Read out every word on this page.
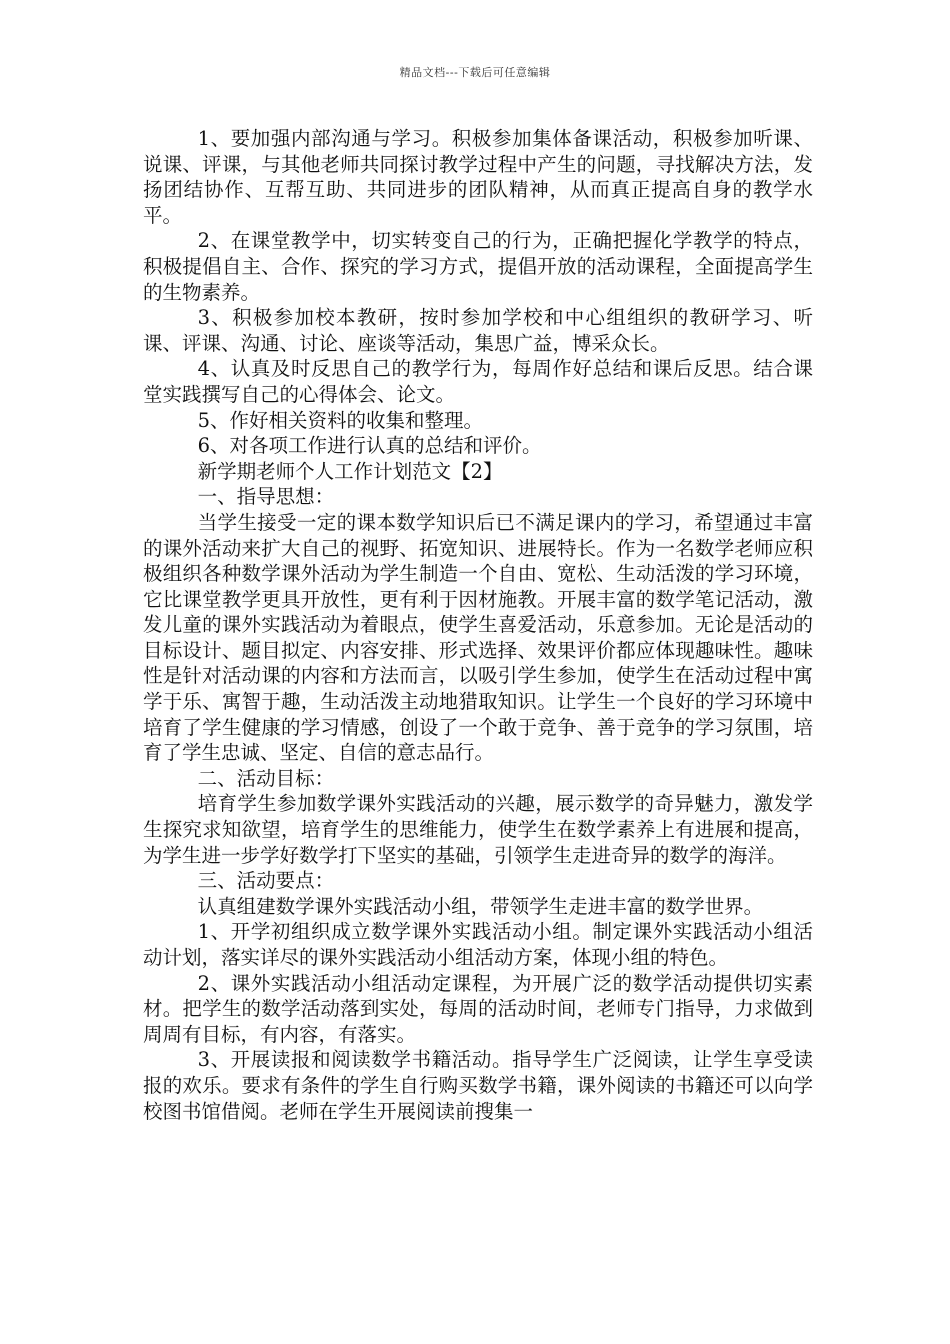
精品文档---下载后可任意编辑

1、要加强内部沟通与学习。积极参加集体备课活动，积极参加听课、说课、评课，与其他老师共同探讨教学过程中产生的问题，寻找解决方法，发扬团结协作、互帮互助、共同进步的团队精神，从而真正提高自身的教学水平。

2、在课堂教学中，切实转变自己的行为，正确把握化学教学的特点，积极提倡自主、合作、探究的学习方式，提倡开放的活动课程，全面提高学生的生物素养。

3、积极参加校本教研，按时参加学校和中心组组织的教研学习、听课、评课、沟通、讨论、座谈等活动，集思广益，博采众长。

4、认真及时反思自己的教学行为，每周作好总结和课后反思。结合课堂实践撰写自己的心得体会、论文。

5、作好相关资料的收集和整理。

6、对各项工作进行认真的总结和评价。

新学期老师个人工作计划范文【2】

一、指导思想：

当学生接受一定的课本数学知识后已不满足课内的学习，希望通过丰富的课外活动来扩大自己的视野、拓宽知识、进展特长。作为一名数学老师应积极组织各种数学课外活动为学生制造一个自由、宽松、生动活泼的学习环境，它比课堂教学更具开放性，更有利于因材施教。开展丰富的数学笔记活动，激发儿童的课外实践活动为着眼点，使学生喜爱活动，乐意参加。无论是活动的目标设计、题目拟定、内容安排、形式选择、效果评价都应体现趣味性。趣味性是针对活动课的内容和方法而言，以吸引学生参加，使学生在活动过程中寓学于乐、寓智于趣，生动活泼主动地猎取知识。让学生一个良好的学习环境中培育了学生健康的学习情感，创设了一个敢于竞争、善于竞争的学习氛围，培育了学生忠诚、坚定、自信的意志品行。

二、活动目标：

培育学生参加数学课外实践活动的兴趣，展示数学的奇异魅力，激发学生探究求知欲望，培育学生的思维能力，使学生在数学素养上有进展和提高，为学生进一步学好数学打下坚实的基础，引领学生走进奇异的数学的海洋。

三、活动要点：

认真组建数学课外实践活动小组，带领学生走进丰富的数学世界。

1、开学初组织成立数学课外实践活动小组。制定课外实践活动小组活动计划，落实详尽的课外实践活动小组活动方案，体现小组的特色。

2、课外实践活动小组活动定课程，为开展广泛的数学活动提供切实素材。把学生的数学活动落到实处，每周的活动时间，老师专门指导，力求做到周周有目标，有内容，有落实。

3、开展读报和阅读数学书籍活动。指导学生广泛阅读，让学生享受读报的欢乐。要求有条件的学生自行购买数学书籍，课外阅读的书籍还可以向学校图书馆借阅。老师在学生开展阅读前搜集一
